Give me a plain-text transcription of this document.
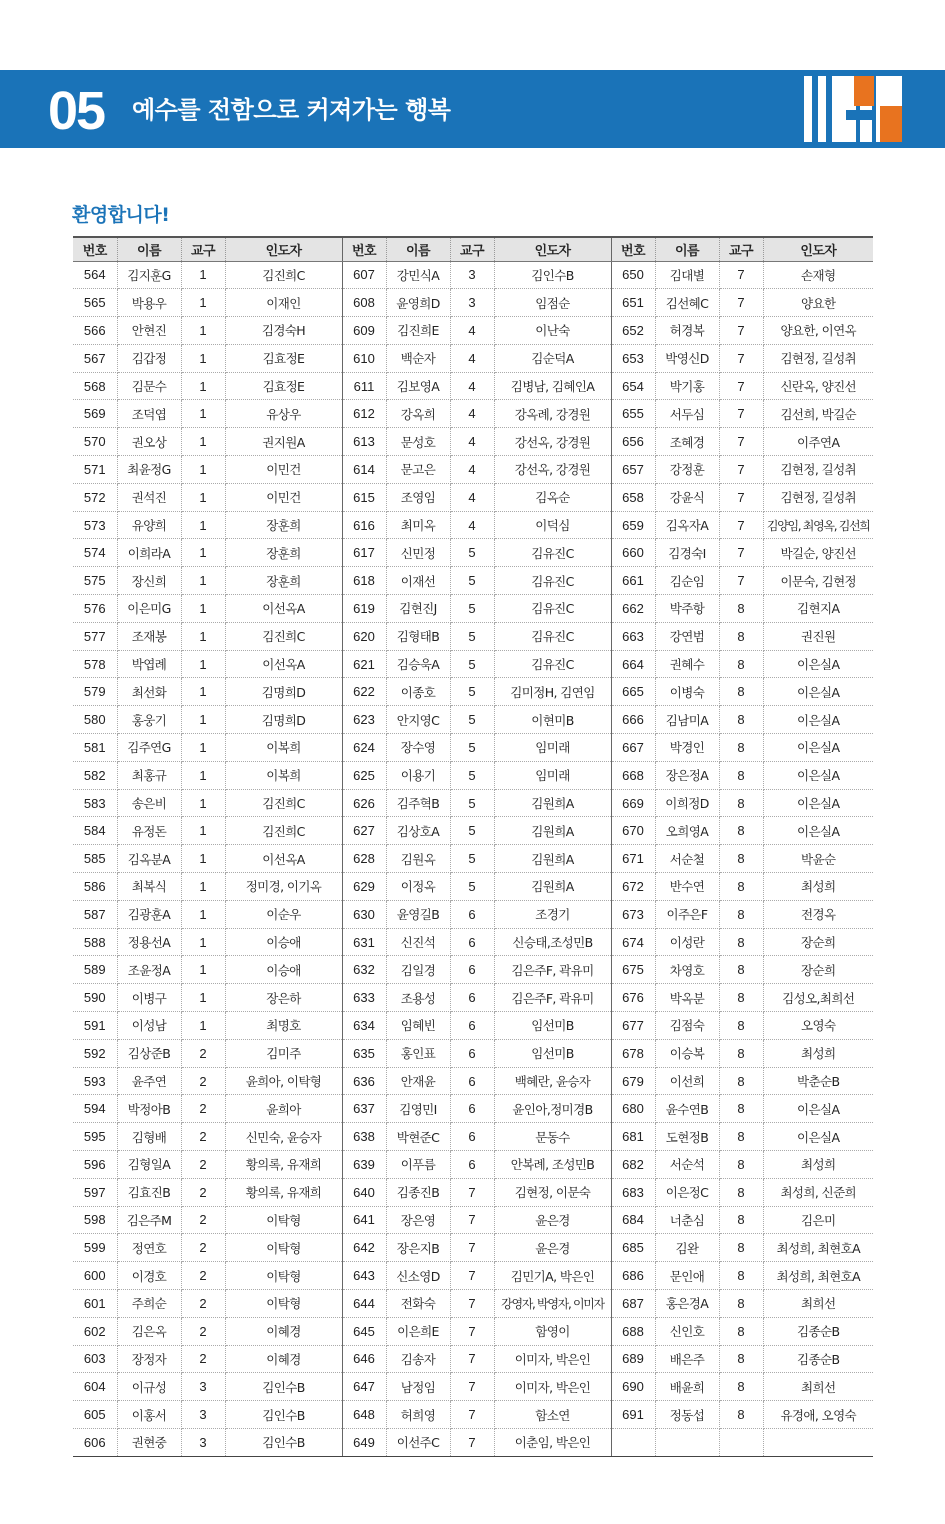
05 예수를 전함으로 커져가는 행복
환영합니다!
번호	이름	교구	인도자	번호	이름	교구	인도자	번호	이름	교구	인도자
564	김지훈G	1	김진희C	607	강민식A	3	김인수B	650	김대별	7	손재형
565	박용우	1	이재인	608	윤영희D	3	임점순	651	김선혜C	7	양요한
566	안현진	1	김경숙H	609	김진희E	4	이난숙	652	허경복	7	양요한, 이연옥
567	김갑정	1	김효정E	610	백순자	4	김순덕A	653	박영신D	7	김현정, 길성취
568	김문수	1	김효정E	611	김보영A	4	김병남, 김혜인A	654	박기홍	7	신란옥, 양진선
569	조덕엽	1	유상우	612	강옥희	4	강옥례, 강경원	655	서두심	7	김선희, 박길순
570	권오상	1	권지원A	613	문성호	4	강선옥, 강경원	656	조혜경	7	이주연A
571	최윤정G	1	이민건	614	문고은	4	강선옥, 강경원	657	강정훈	7	김현정, 길성취
572	권석진	1	이민건	615	조영임	4	김옥순	658	강윤식	7	김현정, 길성취
573	유양희	1	장훈희	616	최미옥	4	이덕심	659	김옥자A	7	김양임, 최영옥, 김선희
574	이희라A	1	장훈희	617	신민정	5	김유진C	660	김경숙I	7	박길순, 양진선
575	장신희	1	장훈희	618	이재선	5	김유진C	661	김순임	7	이문숙, 김현정
576	이은미G	1	이선옥A	619	김현진J	5	김유진C	662	박주항	8	김현지A
577	조재봉	1	김진희C	620	김형태B	5	김유진C	663	강연범	8	권진원
578	박엽례	1	이선옥A	621	김승욱A	5	김유진C	664	권혜수	8	이은실A
579	최선화	1	김명희D	622	이종호	5	김미정H, 김연임	665	이병숙	8	이은실A
580	홍웅기	1	김명희D	623	안지영C	5	이현미B	666	김남미A	8	이은실A
581	김주연G	1	이복희	624	장수영	5	임미래	667	박경인	8	이은실A
582	최홍규	1	이복희	625	이용기	5	임미래	668	장은정A	8	이은실A
583	송은비	1	김진희C	626	김주혁B	5	김원희A	669	이희정D	8	이은실A
584	유정돈	1	김진희C	627	김상호A	5	김원희A	670	오희영A	8	이은실A
585	김옥분A	1	이선옥A	628	김원옥	5	김원희A	671	서순철	8	박윤순
586	최복식	1	정미경, 이기옥	629	이정옥	5	김원희A	672	반수연	8	최성희
587	김광훈A	1	이순우	630	윤영길B	6	조경기	673	이주은F	8	전경옥
588	정용선A	1	이승애	631	신진석	6	신승태,조성민B	674	이성란	8	장순희
589	조윤정A	1	이승애	632	김일경	6	김은주F, 곽유미	675	차영호	8	장순희
590	이병구	1	장은하	633	조용성	6	김은주F, 곽유미	676	박옥분	8	김성오,최희선
591	이성남	1	최명호	634	임혜빈	6	임선미B	677	김점숙	8	오영숙
592	김상준B	2	김미주	635	홍인표	6	임선미B	678	이승복	8	최성희
593	윤주연	2	윤희아, 이탁형	636	안재윤	6	백혜란, 윤승자	679	이선희	8	박춘순B
594	박정아B	2	윤희아	637	김영민I	6	윤인아,정미경B	680	윤수연B	8	이은실A
595	김형배	2	신민숙, 윤승자	638	박현준C	6	문동수	681	도현정B	8	이은실A
596	김형일A	2	황의록, 유재희	639	이푸름	6	안복례, 조성민B	682	서순석	8	최성희
597	김효진B	2	황의록, 유재희	640	김종진B	7	김현정, 이문숙	683	이은정C	8	최성희, 신준희
598	김은주M	2	이탁형	641	장은영	7	윤은경	684	너춘심	8	김은미
599	정연호	2	이탁형	642	장은지B	7	윤은경	685	김완	8	최성희, 최현호A
600	이경호	2	이탁형	643	신소영D	7	김민기A, 박은인	686	문인애	8	최성희, 최현호A
601	주희순	2	이탁형	644	전화숙	7	강영자, 박영자, 이미자	687	홍은경A	8	최희선
602	김은옥	2	이혜경	645	이은희E	7	함영이	688	신인호	8	김종순B
603	장정자	2	이혜경	646	김송자	7	이미자, 박은인	689	배은주	8	김종순B
604	이규성	3	김인수B	647	남정임	7	이미자, 박은인	690	배윤희	8	최희선
605	이홍서	3	김인수B	648	허희영	7	함소연	691	정동섭	8	유경애, 오영숙
606	권현중	3	김인수B	649	이선주C	7	이춘임, 박은인				
